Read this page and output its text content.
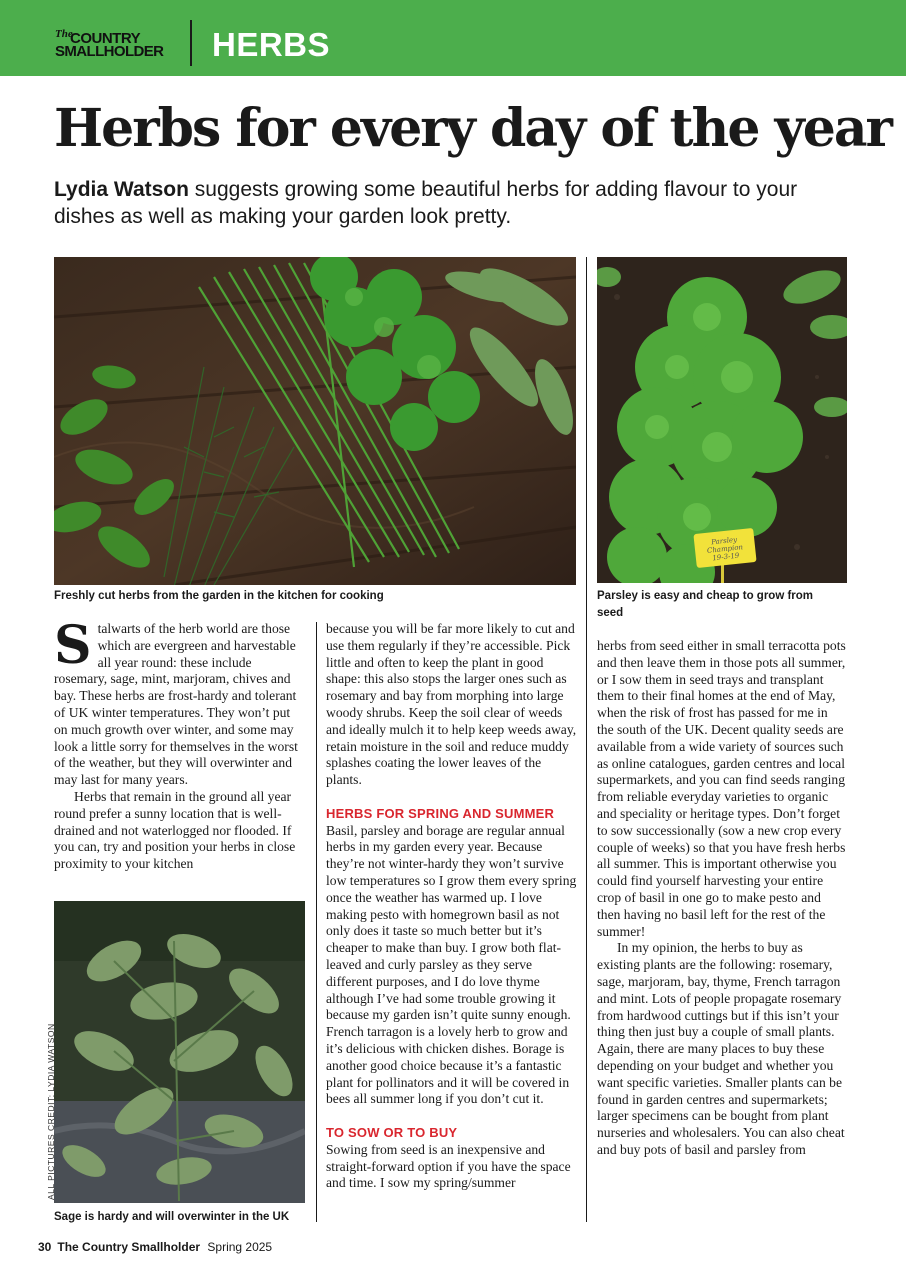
The
COUNTRY
SMALLHOLDER HERBS
Herbs for every day of the year

Lydia Watson suggests growing some beautiful herbs for adding flavour to your dishes as well as making your garden look pretty.

Freshly cut herbs from the garden in the kitchen for cooking
Parsley Champion 19-3-19
Parsley is easy and cheap to grow from seed
Sage is hardy and will overwinter in the UK
ALL PICTURES CREDIT: LYDIA WATSON

Stalwarts of the herb world are those which are evergreen and harvestable all year round: these include rosemary, sage, mint, marjoram, chives and bay. These herbs are frost-hardy and tolerant of UK winter temperatures. They won’t put on much growth over winter, and some may look a little sorry for themselves in the worst of the weather, but they will overwinter and may last for many years.

Herbs that remain in the ground all year round prefer a sunny location that is well-drained and not waterlogged nor flooded. If you can, try and position your herbs in close proximity to your kitchen

because you will be far more likely to cut and use them regularly if they’re accessible. Pick little and often to keep the plant in good shape: this also stops the larger ones such as rosemary and bay from morphing into large woody shrubs. Keep the soil clear of weeds and ideally mulch it to help keep weeds away, retain moisture in the soil and reduce muddy splashes coating the lower leaves of the plants.

HERBS FOR SPRING AND SUMMER

Basil, parsley and borage are regular annual herbs in my garden every year. Because they’re not winter-hardy they won’t survive low temperatures so I grow them every spring once the weather has warmed up. I love making pesto with homegrown basil as not only does it taste so much better but it’s cheaper to make than buy. I grow both flat-leaved and curly parsley as they serve different purposes, and I do love thyme although I’ve had some trouble growing it because my garden isn’t quite sunny enough. French tarragon is a lovely herb to grow and it’s delicious with chicken dishes. Borage is another good choice because it’s a fantastic plant for pollinators and it will be covered in bees all summer long if you don’t cut it.

TO SOW OR TO BUY

Sowing from seed is an inexpensive and straight-forward option if you have the space and time. I sow my spring/summer

herbs from seed either in small terracotta pots and then leave them in those pots all summer, or I sow them in seed trays and transplant them to their final homes at the end of May, when the risk of frost has passed for me in the south of the UK. Decent quality seeds are available from a wide variety of sources such as online catalogues, garden centres and local supermarkets, and you can find seeds ranging from reliable everyday varieties to organic and speciality or heritage types. Don’t forget to sow successionally (sow a new crop every couple of weeks) so that you have fresh herbs all summer. This is important otherwise you could find yourself harvesting your entire crop of basil in one go to make pesto and then having no basil left for the rest of the summer!

In my opinion, the herbs to buy as existing plants are the following: rosemary, sage, marjoram, bay, thyme, French tarragon and mint. Lots of people propagate rosemary from hardwood cuttings but if this isn’t your thing then just buy a couple of small plants. Again, there are many places to buy these depending on your budget and whether you want specific varieties. Smaller plants can be found in garden centres and supermarkets; larger specimens can be bought from plant nurseries and wholesalers. You can also cheat and buy pots of basil and parsley from

30 The Country Smallholder Spring 2025
